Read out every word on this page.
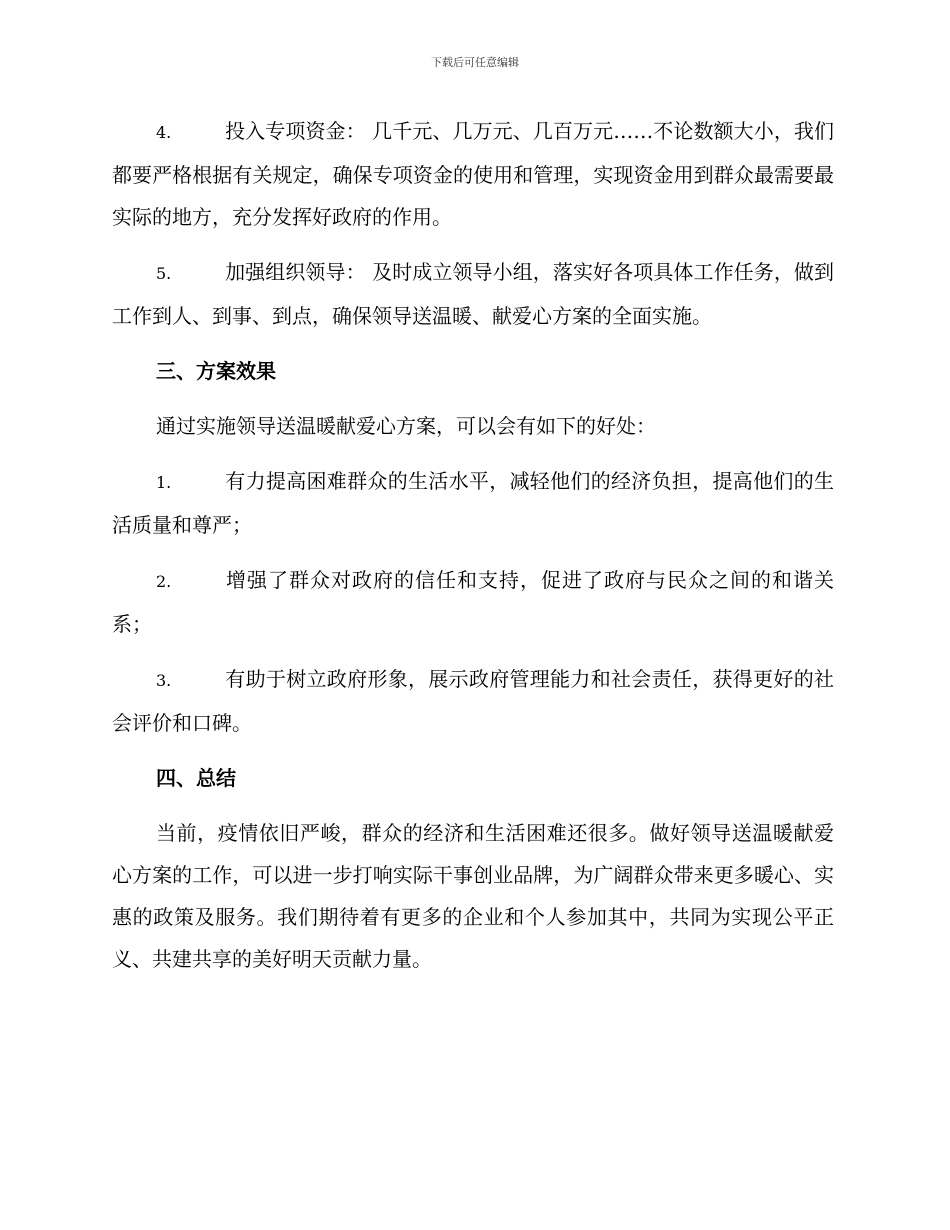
下载后可任意编辑

4.	投入专项资金： 几千元、几万元、几百万元……不论数额大小，我们都要严格根据有关规定，确保专项资金的使用和管理，实现资金用到群众最需要最实际的地方，充分发挥好政府的作用。

5.	加强组织领导： 及时成立领导小组，落实好各项具体工作任务，做到工作到人、到事、到点，确保领导送温暖、献爱心方案的全面实施。

三、方案效果

通过实施领导送温暖献爱心方案，可以会有如下的好处：

1.	有力提高困难群众的生活水平，减轻他们的经济负担，提高他们的生活质量和尊严；

2.	增强了群众对政府的信任和支持，促进了政府与民众之间的和谐关系；

3.	有助于树立政府形象，展示政府管理能力和社会责任，获得更好的社会评价和口碑。

四、总结

当前，疫情依旧严峻，群众的经济和生活困难还很多。做好领导送温暖献爱心方案的工作，可以进一步打响实际干事创业品牌，为广阔群众带来更多暖心、实惠的政策及服务。我们期待着有更多的企业和个人参加其中，共同为实现公平正义、共建共享的美好明天贡献力量。
